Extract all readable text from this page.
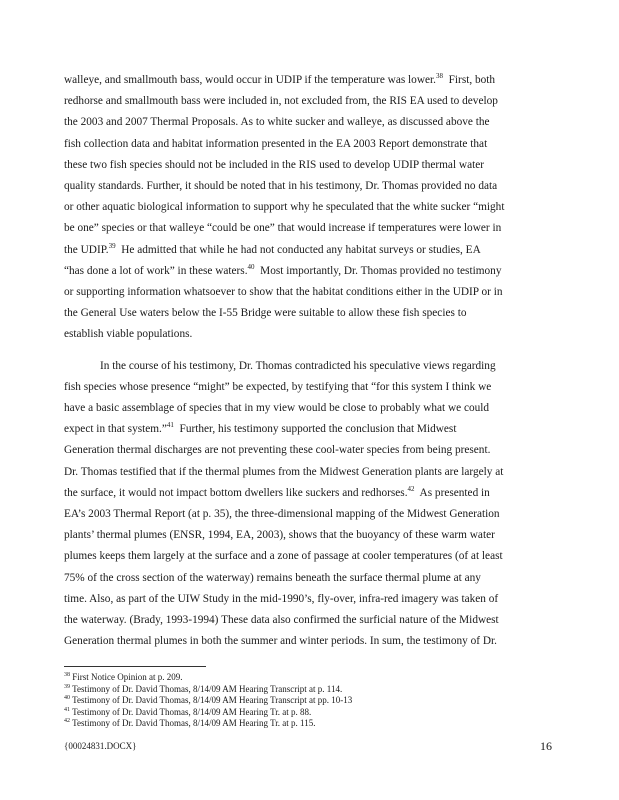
walleye, and smallmouth bass, would occur in UDIP if the temperature was lower.$^{38}$  First, both
redhorse and smallmouth bass were included in, not excluded from, the RIS EA used to develop
the 2003 and 2007 Thermal Proposals. As to white sucker and walleye, as discussed above the
fish collection data and habitat information presented in the EA 2003 Report demonstrate that
these two fish species should not be included in the RIS used to develop UDIP thermal water
quality standards. Further, it should be noted that in his testimony, Dr. Thomas provided no data
or other aquatic biological information to support why he speculated that the white sucker “might
be one” species or that walleye “could be one” that would increase if temperatures were lower in
the UDIP.$^{39}$  He admitted that while he had not conducted any habitat surveys or studies, EA
“has done a lot of work” in these waters.$^{40}$  Most importantly, Dr. Thomas provided no testimony
or supporting information whatsoever to show that the habitat conditions either in the UDIP or in
the General Use waters below the I-55 Bridge were suitable to allow these fish species to
establish viable populations.
In the course of his testimony, Dr. Thomas contradicted his speculative views regarding
fish species whose presence “might” be expected, by testifying that “for this system I think we
have a basic assemblage of species that in my view would be close to probably what we could
expect in that system.”$^{41}$  Further, his testimony supported the conclusion that Midwest
Generation thermal discharges are not preventing these cool-water species from being present.
Dr. Thomas testified that if the thermal plumes from the Midwest Generation plants are largely at
the surface, it would not impact bottom dwellers like suckers and redhorses.$^{42}$  As presented in
EA’s 2003 Thermal Report (at p. 35), the three-dimensional mapping of the Midwest Generation
plants’ thermal plumes (ENSR, 1994, EA, 2003), shows that the buoyancy of these warm water
plumes keeps them largely at the surface and a zone of passage at cooler temperatures (of at least
75% of the cross section of the waterway) remains beneath the surface thermal plume at any
time. Also, as part of the UIW Study in the mid-1990’s, fly-over, infra-red imagery was taken of
the waterway. (Brady, 1993-1994) These data also confirmed the surficial nature of the Midwest
Generation thermal plumes in both the summer and winter periods. In sum, the testimony of Dr.
$^{38}$ First Notice Opinion at p. 209.
$^{39}$ Testimony of Dr. David Thomas, 8/14/09 AM Hearing Transcript at p. 114.
$^{40}$ Testimony of Dr. David Thomas, 8/14/09 AM Hearing Transcript at pp. 10-13
$^{41}$ Testimony of Dr. David Thomas, 8/14/09 AM Hearing Tr. at p. 88.
$^{42}$ Testimony of Dr. David Thomas, 8/14/09 AM Hearing Tr. at p. 115.
{00024831.DOCX}	16
